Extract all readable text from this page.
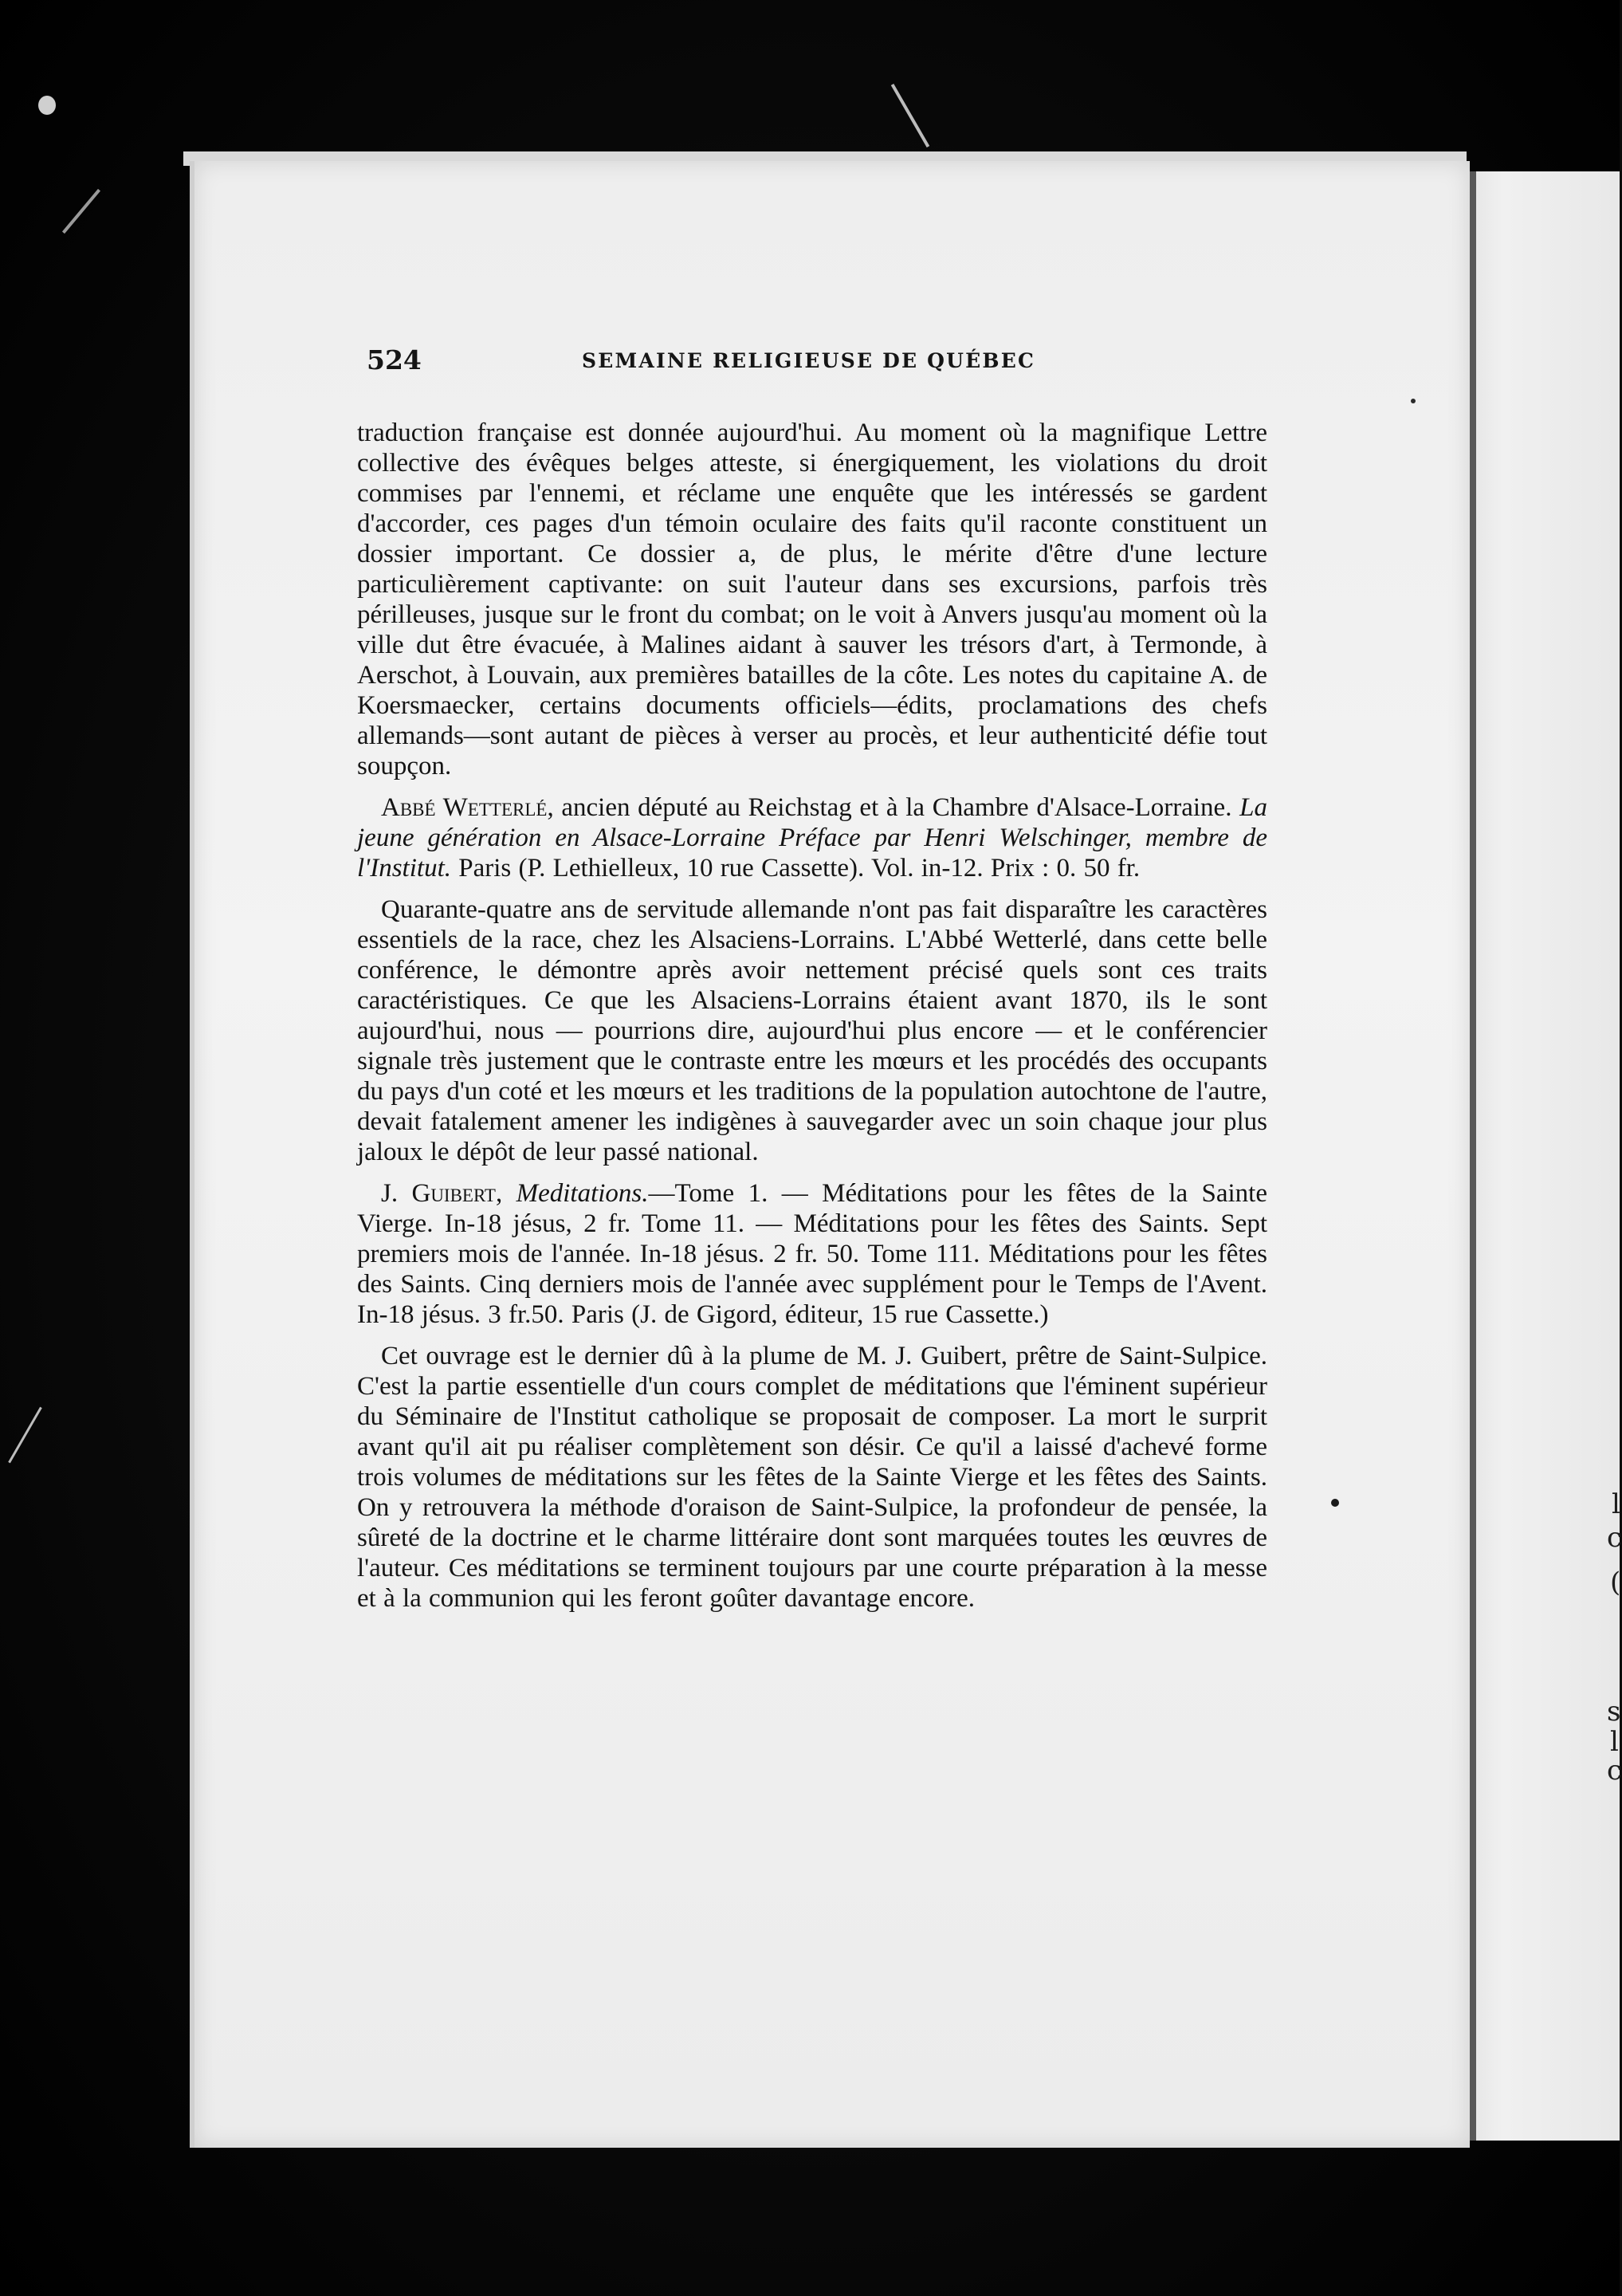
l
c
(
s
l
c
524	SEMAINE RELIGIEUSE DE QUÉBEC

traduction française est donnée aujourd'hui. Au moment où la magnifique Lettre collective des évêques belges atteste, si énergiquement, les violations du droit commises par l'ennemi, et réclame une enquête que les intéressés se gardent d'accorder, ces pages d'un témoin oculaire des faits qu'il raconte constituent un dossier important. Ce dossier a, de plus, le mérite d'être d'une lecture particulièrement captivante: on suit l'auteur dans ses excursions, parfois très périlleuses, jusque sur le front du combat; on le voit à Anvers jusqu'au moment où la ville dut être évacuée, à Malines aidant à sauver les trésors d'art, à Termonde, à Aerschot, à Louvain, aux premières batailles de la côte. Les notes du capitaine A. de Koersmaecker, certains documents officiels—édits, proclamations des chefs allemands—sont autant de pièces à verser au procès, et leur authenticité défie tout soupçon.

Abbé Wetterlé, ancien député au Reichstag et à la Chambre d'Alsace-Lorraine. La jeune génération en Alsace-Lorraine Préface par Henri Welschinger, membre de l'Institut. Paris (P. Lethielleux, 10 rue Cassette). Vol. in-12. Prix : 0. 50 fr.

Quarante-quatre ans de servitude allemande n'ont pas fait disparaître les caractères essentiels de la race, chez les Alsaciens-Lorrains. L'Abbé Wetterlé, dans cette belle conférence, le démontre après avoir nettement précisé quels sont ces traits caractéristiques. Ce que les Alsaciens-Lorrains étaient avant 1870, ils le sont aujourd'hui, nous — pourrions dire, aujourd'hui plus encore — et le conférencier signale très justement que le contraste entre les mœurs et les procédés des occupants du pays d'un coté et les mœurs et les traditions de la population autochtone de l'autre, devait fatalement amener les indigènes à sauvegarder avec un soin chaque jour plus jaloux le dépôt de leur passé national.

J. Guibert, Meditations.—Tome 1. — Méditations pour les fêtes de la Sainte Vierge. In-18 jésus, 2 fr. Tome 11. — Méditations pour les fêtes des Saints. Sept premiers mois de l'année. In-18 jésus. 2 fr. 50. Tome 111. Méditations pour les fêtes des Saints. Cinq derniers mois de l'année avec supplément pour le Temps de l'Avent. In-18 jésus. 3 fr.50. Paris (J. de Gigord, éditeur, 15 rue Cassette.)

Cet ouvrage est le dernier dû à la plume de M. J. Guibert, prêtre de Saint-Sulpice. C'est la partie essentielle d'un cours complet de méditations que l'éminent supérieur du Séminaire de l'Institut catholique se proposait de composer. La mort le surprit avant qu'il ait pu réaliser complètement son désir. Ce qu'il a laissé d'achevé forme trois volumes de méditations sur les fêtes de la Sainte Vierge et les fêtes des Saints. On y retrouvera la méthode d'oraison de Saint-Sulpice, la profondeur de pensée, la sûreté de la doctrine et le charme littéraire dont sont marquées toutes les œuvres de l'auteur. Ces méditations se terminent toujours par une courte préparation à la messe et à la communion qui les feront goûter davantage encore.
